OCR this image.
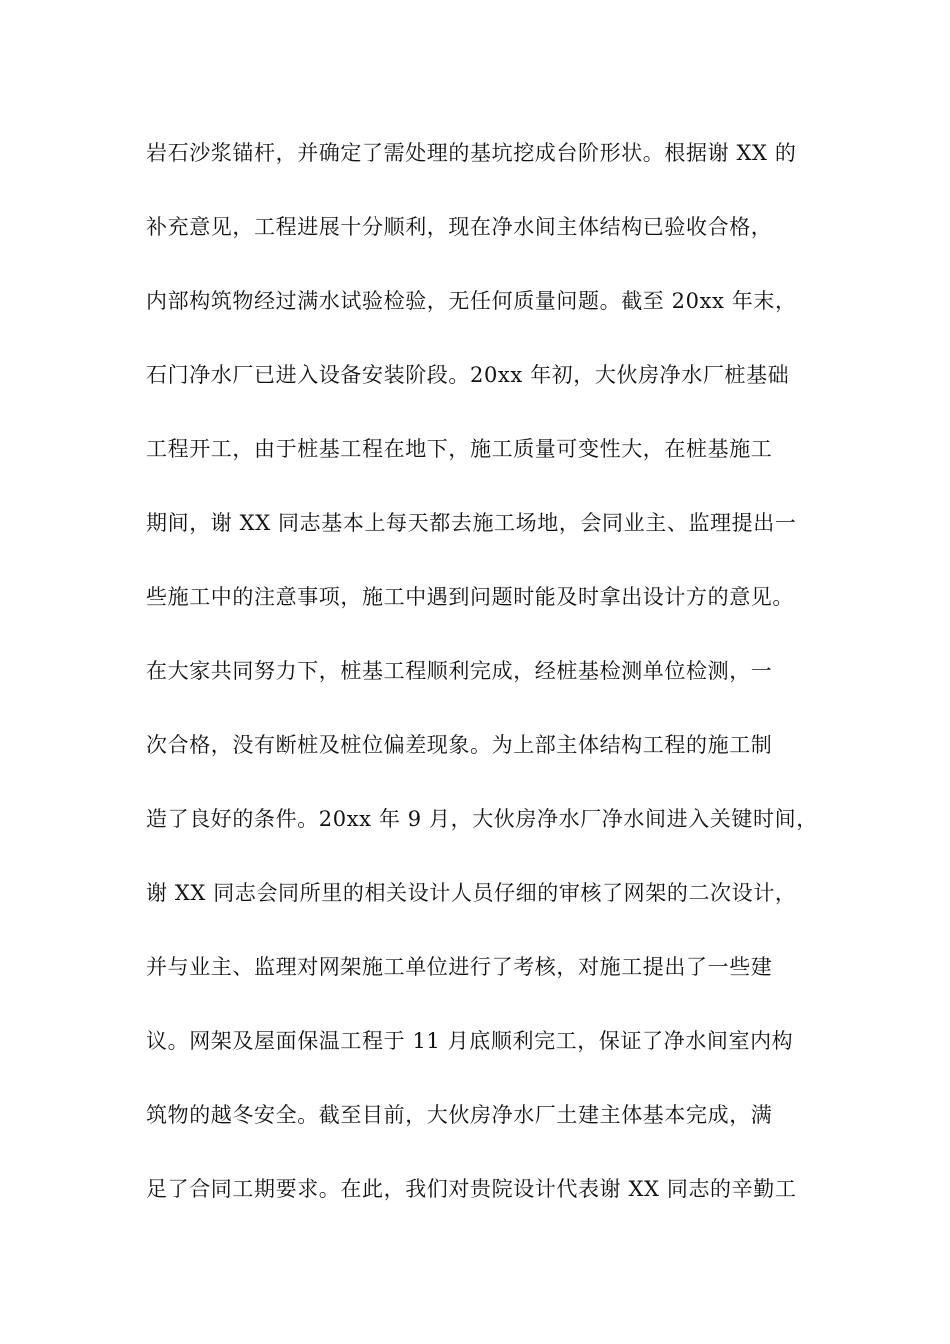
岩石沙浆锚杆，并确定了需处理的基坑挖成台阶形状。根据谢 XX 的
补充意见，工程进展十分顺利，现在净水间主体结构已验收合格，
内部构筑物经过满水试验检验，无任何质量问题。截至 20xx 年末，
石门净水厂已进入设备安装阶段。20xx 年初，大伙房净水厂桩基础
工程开工，由于桩基工程在地下，施工质量可变性大，在桩基施工
期间，谢 XX 同志基本上每天都去施工场地，会同业主、监理提出一
些施工中的注意事项，施工中遇到问题时能及时拿出设计方的意见。
在大家共同努力下，桩基工程顺利完成，经桩基检测单位检测，一
次合格，没有断桩及桩位偏差现象。为上部主体结构工程的施工制
造了良好的条件。20xx 年 9 月，大伙房净水厂净水间进入关键时间，
谢 XX 同志会同所里的相关设计人员仔细的审核了网架的二次设计，
并与业主、监理对网架施工单位进行了考核，对施工提出了一些建
议。网架及屋面保温工程于 11 月底顺利完工，保证了净水间室内构
筑物的越冬安全。截至目前，大伙房净水厂土建主体基本完成，满
足了合同工期要求。在此，我们对贵院设计代表谢 XX 同志的辛勤工
